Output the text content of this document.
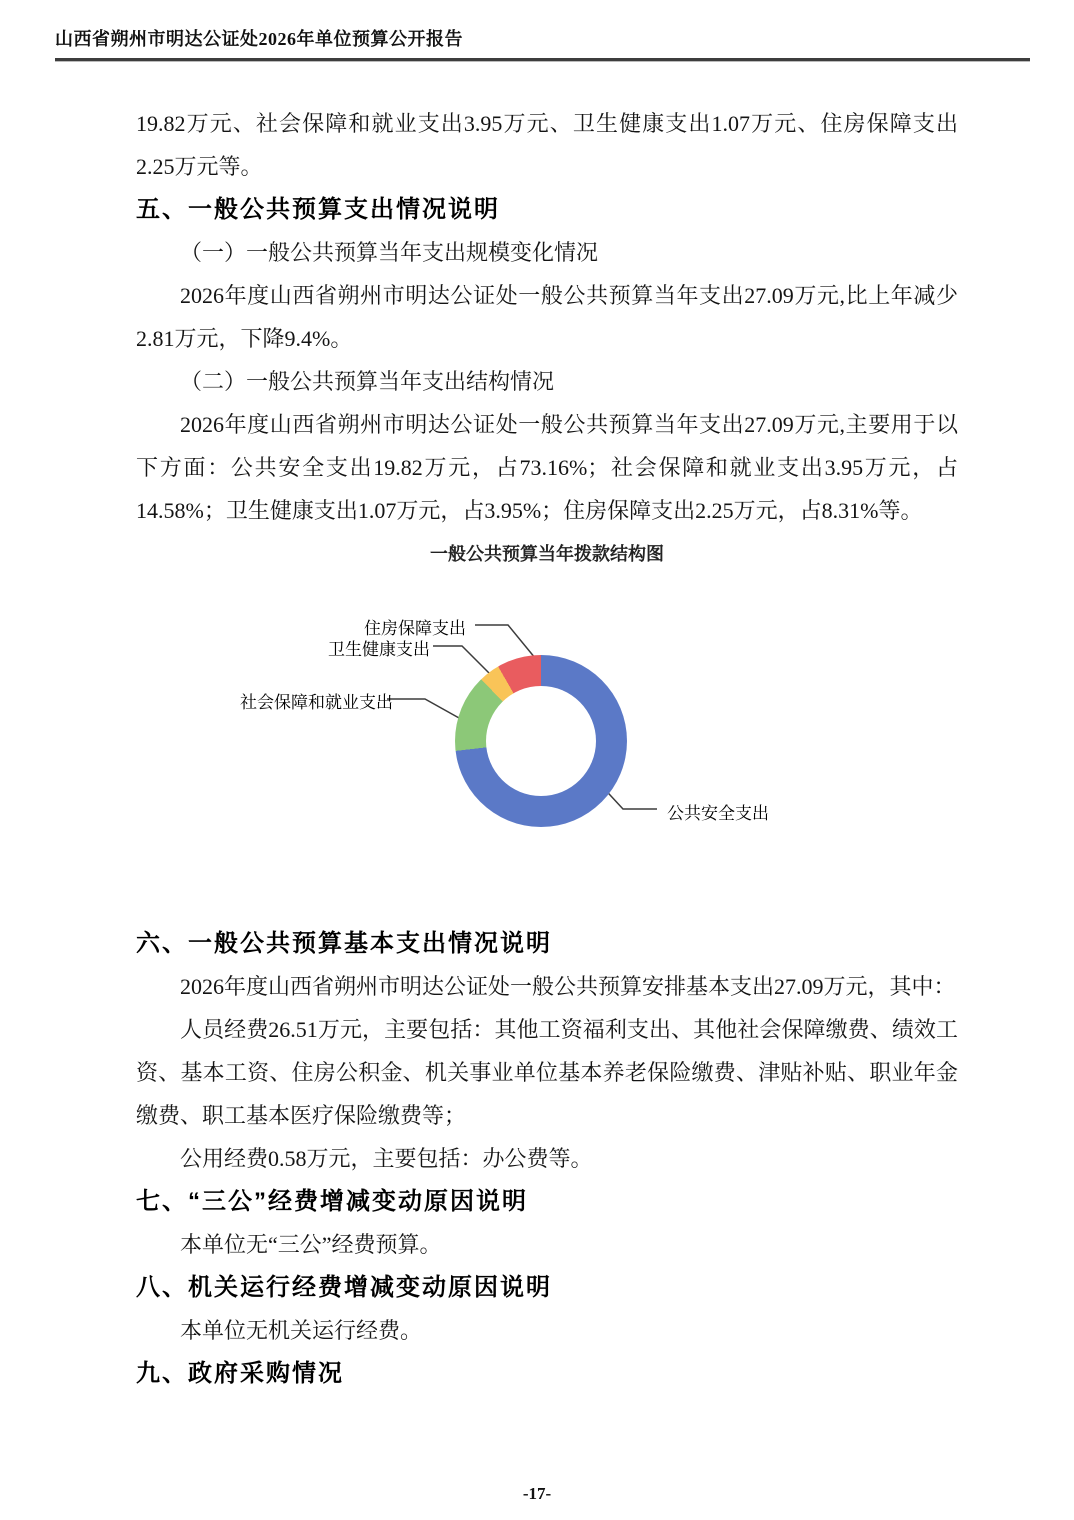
山西省朔州市明达公证处2026年单位预算公开报告

19.82万元、社会保障和就业支出3.95万元、卫生健康支出1.07万元、住房保障支出2.25万元等。

五、一般公共预算支出情况说明

（一）一般公共预算当年支出规模变化情况

2026年度山西省朔州市明达公证处一般公共预算当年支出27.09万元,比上年减少2.81万元，下降9.4%。

（二）一般公共预算当年支出结构情况

2026年度山西省朔州市明达公证处一般公共预算当年支出27.09万元,主要用于以下方面：公共安全支出19.82万元，占73.16%；社会保障和就业支出3.95万元，占14.58%；卫生健康支出1.07万元，占3.95%；住房保障支出2.25万元，占8.31%等。

一般公共预算当年拨款结构图
住房保障支出
卫生健康支出
社会保障和就业支出
公共安全支出
六、一般公共预算基本支出情况说明

2026年度山西省朔州市明达公证处一般公共预算安排基本支出27.09万元，其中：

人员经费26.51万元，主要包括：其他工资福利支出、其他社会保障缴费、绩效工资、基本工资、住房公积金、机关事业单位基本养老保险缴费、津贴补贴、职业年金缴费、职工基本医疗保险缴费等；

公用经费0.58万元，主要包括：办公费等。

七、“三公”经费增减变动原因说明

本单位无“三公”经费预算。

八、机关运行经费增减变动原因说明

本单位无机关运行经费。

九、政府采购情况
-17-
